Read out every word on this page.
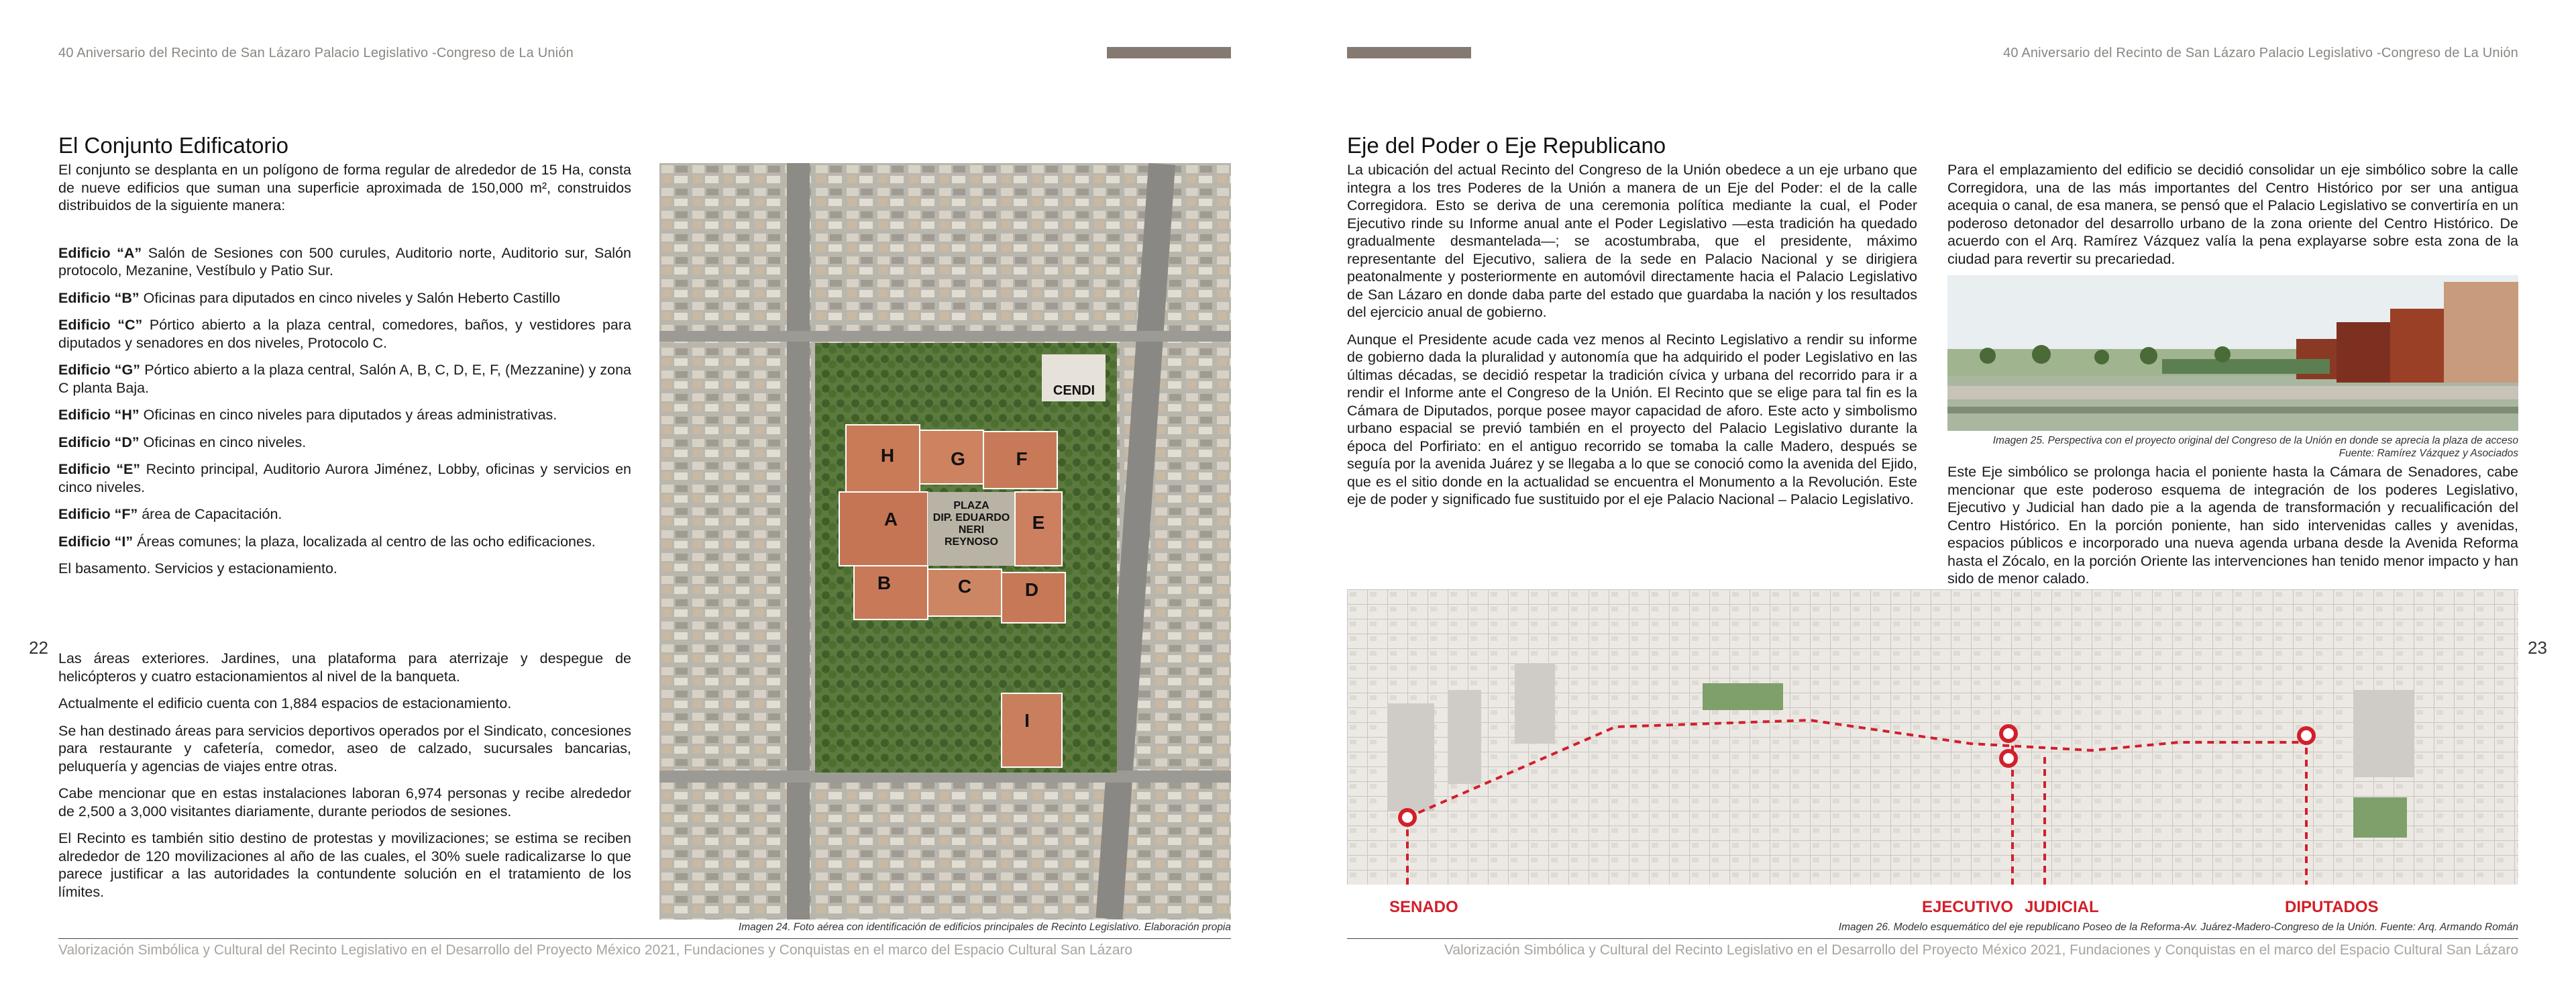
40 Aniversario del Recinto de San Lázaro Palacio Legislativo -Congreso de La Unión
El Conjunto Edificatorio

El conjunto se desplanta en un polígono de forma regular de alrededor de 15 Ha, consta de nueve edificios que suman una superficie aproximada de 150,000 m², construidos distribuidos de la siguiente manera:

Edificio “A” Salón de Sesiones con 500 curules, Auditorio norte, Auditorio sur, Salón protocolo, Mezanine, Vestíbulo y Patio Sur.

Edificio “B” Oficinas para diputados en cinco niveles y Salón Heberto Castillo

Edificio “C” Pórtico abierto a la plaza central, comedores, baños, y vestidores para diputados y senadores en dos niveles, Protocolo C.

Edificio “G” Pórtico abierto a la plaza central, Salón A, B, C, D, E, F, (Mezzanine) y zona C planta Baja.

Edificio “H” Oficinas en cinco niveles para diputados y áreas administrativas.

Edificio “D” Oficinas en cinco niveles.

Edificio “E” Recinto principal, Auditorio Aurora Jiménez, Lobby, oficinas y servicios en cinco niveles.

Edificio “F” área de Capacitación.

Edificio “I” Áreas comunes; la plaza, localizada al centro de las ocho edificaciones.

El basamento. Servicios y estacionamiento.

Las áreas exteriores. Jardines, una plataforma para aterrizaje y despegue de helicópteros y cuatro estacionamientos al nivel de la banqueta.

Actualmente el edificio cuenta con 1,884 espacios de estacionamiento.

Se han destinado áreas para servicios deportivos operados por el Sindicato, concesiones para restaurante y cafetería, comedor, aseo de calzado, sucursales bancarias, peluquería y agencias de viajes entre otras.

Cabe mencionar que en estas instalaciones laboran 6,974 personas y recibe alrededor de 2,500 a 3,000 visitantes diariamente, durante periodos de sesiones.

El Recinto es también sitio destino de protestas y movilizaciones; se estima se reciben alrededor de 120 movilizaciones al año de las cuales, el 30% suele radicalizarse lo que parece justificar a las autoridades la contundente solución en el tratamiento de los límites.

22
CENDI
PLAZA DIP. EDUARDO NERI REYNOSO
H	G	F
A	E
B	C	D
I
Imagen 24. Foto aérea con identificación de edificios principales de Recinto Legislativo. Elaboración propia
Valorización Simbólica y Cultural del Recinto Legislativo en el Desarrollo del Proyecto México 2021, Fundaciones y Conquistas en el marco del Espacio Cultural San Lázaro
40 Aniversario del Recinto de San Lázaro Palacio Legislativo -Congreso de La Unión
Eje del Poder o Eje Republicano

La ubicación del actual Recinto del Congreso de la Unión obedece a un eje urbano que integra a los tres Poderes de la Unión a manera de un Eje del Poder: el de la calle Corregidora. Esto se deriva de una ceremonia política mediante la cual, el Poder Ejecutivo rinde su Informe anual ante el Poder Legislativo —esta tradición ha quedado gradualmente desmantelada—; se acostumbraba, que el presidente, máximo representante del Ejecutivo, saliera de la sede en Palacio Nacional y se dirigiera peatonalmente y posteriormente en automóvil directamente hacia el Palacio Legislativo de San Lázaro en donde daba parte del estado que guardaba la nación y los resultados del ejercicio anual de gobierno.

Aunque el Presidente acude cada vez menos al Recinto Legislativo a rendir su informe de gobierno dada la pluralidad y autonomía que ha adquirido el poder Legislativo en las últimas décadas, se decidió respetar la tradición cívica y urbana del recorrido para ir a rendir el Informe ante el Congreso de la Unión. El Recinto que se elige para tal fin es la Cámara de Diputados, porque posee mayor capacidad de aforo. Este acto y simbolismo urbano espacial se previó también en el proyecto del Palacio Legislativo durante la época del Porfiriato: en el antiguo recorrido se tomaba la calle Madero, después se seguía por la avenida Juárez y se llegaba a lo que se conoció como la avenida del Ejido, que es el sitio donde en la actualidad se encuentra el Monumento a la Revolución. Este eje de poder y significado fue sustituido por el eje Palacio Nacional – Palacio Legislativo.

Para el emplazamiento del edificio se decidió consolidar un eje simbólico sobre la calle Corregidora, una de las más importantes del Centro Histórico por ser una antigua acequia o canal, de esa manera, se pensó que el Palacio Legislativo se convertiría en un poderoso detonador del desarrollo urbano de la zona oriente del Centro Histórico. De acuerdo con el Arq. Ramírez Vázquez valía la pena explayarse sobre esta zona de la ciudad para revertir su precariedad.

Imagen 25. Perspectiva con el proyecto original del Congreso de la Unión en donde se aprecia la plaza de acceso
Fuente: Ramírez Vázquez y Asociados

Este Eje simbólico se prolonga hacia el poniente hasta la Cámara de Senadores, cabe mencionar que este poderoso esquema de integración de los poderes Legislativo, Ejecutivo y Judicial han dado pie a la agenda de transformación y recualificación del Centro Histórico. En la porción poniente, han sido intervenidas calles y avenidas, espacios públicos e incorporado una nueva agenda urbana desde la Avenida Reforma hasta el Zócalo, en la porción Oriente las intervenciones han tenido menor impacto y han sido de menor calado.

SENADO	EJECUTIVO JUDICIAL	DIPUTADOS
Imagen 26. Modelo esquemático del eje republicano Poseo de la Reforma-Av. Juárez-Madero-Congreso de la Unión. Fuente: Arq. Armando Román
23
Valorización Simbólica y Cultural del Recinto Legislativo en el Desarrollo del Proyecto México 2021, Fundaciones y Conquistas en el marco del Espacio Cultural San Lázaro
